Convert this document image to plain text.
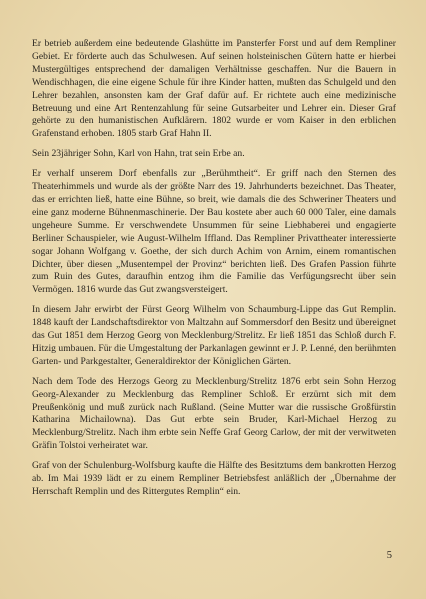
Er betrieb außerdem eine bedeutende Glashütte im Pansterfer Forst und auf dem Rempliner Gebiet. Er förderte auch das Schulwesen. Auf seinen holsteinischen Gütern hatte er hierbei Mustergültiges entsprechend der damaligen Verhältnisse geschaffen. Nur die Bauern in Wendischhagen, die eine eigene Schule für ihre Kinder hatten, mußten das Schulgeld und den Lehrer bezahlen, ansonsten kam der Graf dafür auf. Er richtete auch eine medizinische Betreuung und eine Art Rentenzahlung für seine Gutsarbeiter und Lehrer ein. Dieser Graf gehörte zu den humanistischen Aufklärern. 1802 wurde er vom Kaiser in den erblichen Grafenstand erhoben. 1805 starb Graf Hahn II.

Sein 23jähriger Sohn, Karl von Hahn, trat sein Erbe an.

Er verhalf unserem Dorf ebenfalls zur „Berühmtheit“. Er griff nach den Sternen des Theaterhimmels und wurde als der größte Narr des 19. Jahrhunderts bezeichnet. Das Theater, das er errichten ließ, hatte eine Bühne, so breit, wie damals die des Schweriner Theaters und eine ganz moderne Bühnenmaschinerie. Der Bau kostete aber auch 60 000 Taler, eine damals ungeheure Summe. Er verschwendete Unsummen für seine Liebhaberei und engagierte Berliner Schauspieler, wie August-Wilhelm Iffland. Das Rempliner Privattheater interessierte sogar Johann Wolfgang v. Goethe, der sich durch Achim von Arnim, einem romantischen Dichter, über diesen „Musentempel der Provinz“ berichten ließ. Des Grafen Passion führte zum Ruin des Gutes, daraufhin entzog ihm die Familie das Verfügungsrecht über sein Vermögen. 1816 wurde das Gut zwangsversteigert.

In diesem Jahr erwirbt der Fürst Georg Wilhelm von Schaumburg-Lippe das Gut Remplin. 1848 kauft der Landschaftsdirektor von Maltzahn auf Sommersdorf den Besitz und übereignet das Gut 1851 dem Herzog Georg von Mecklenburg/Strelitz. Er ließ 1851 das Schloß durch F. Hitzig umbauen. Für die Umgestaltung der Parkanlagen gewinnt er J. P. Lenné, den berühmten Garten- und Parkgestalter, Generaldirektor der Königlichen Gärten.

Nach dem Tode des Herzogs Georg zu Mecklenburg/Strelitz 1876 erbt sein Sohn Herzog Georg-Alexander zu Mecklenburg das Rempliner Schloß. Er erzürnt sich mit dem Preußenkönig und muß zurück nach Rußland. (Seine Mutter war die russische Großfürstin Katharina Michailowna). Das Gut erbte sein Bruder, Karl-Michael Herzog zu Mecklenburg/Strelitz. Nach ihm erbte sein Neffe Graf Georg Carlow, der mit der verwitweten Gräfin Tolstoi verheiratet war.

Graf von der Schulenburg-Wolfsburg kaufte die Hälfte des Besitztums dem bankrotten Herzog ab. Im Mai 1939 lädt er zu einem Rempliner Betriebsfest anläßlich der „Übernahme der Herrschaft Remplin und des Rittergutes Remplin“ ein.

5
